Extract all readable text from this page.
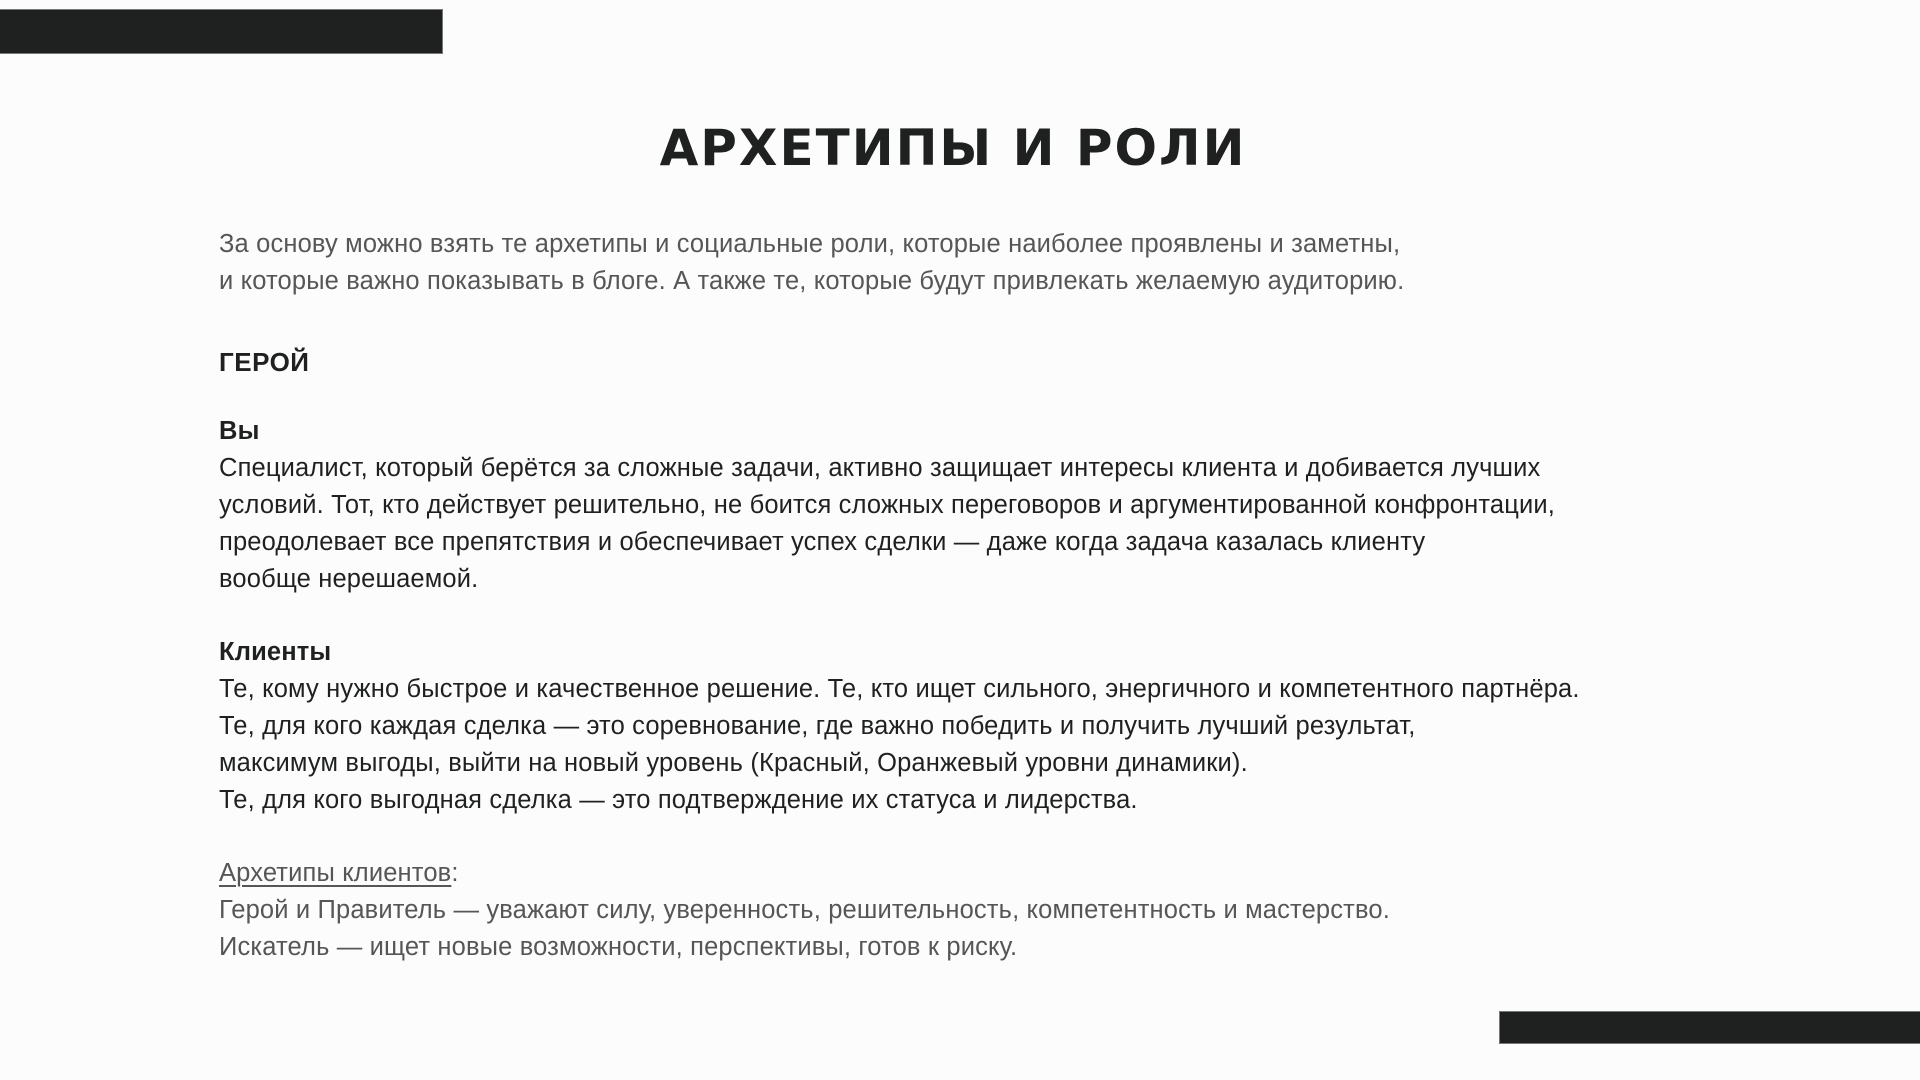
АРХЕТИПЫ И РОЛИ

За основу можно взять те архетипы и социальные роли, которые наиболее проявлены и заметны,

и которые важно показывать в блоге. А также те, которые будут привлекать желаемую аудиторию.

ГЕРОЙ

Вы

Специалист, который берётся за сложные задачи, активно защищает интересы клиента и добивается лучших

условий. Тот, кто действует решительно, не боится сложных переговоров и аргументированной конфронтации,

преодолевает все препятствия и обеспечивает успех сделки — даже когда задача казалась клиенту

вообще нерешаемой.

Клиенты

Те, кому нужно быстрое и качественное решение. Те, кто ищет сильного, энергичного и компетентного партнёра.

Те, для кого каждая сделка — это соревнование, где важно победить и получить лучший результат,

максимум выгоды, выйти на новый уровень (Красный, Оранжевый уровни динамики).

Те, для кого выгодная сделка — это подтверждение их статуса и лидерства.

Архетипы клиентов:

Герой и Правитель — уважают силу, уверенность, решительность, компетентность и мастерство.

Искатель — ищет новые возможности, перспективы, готов к риску.
